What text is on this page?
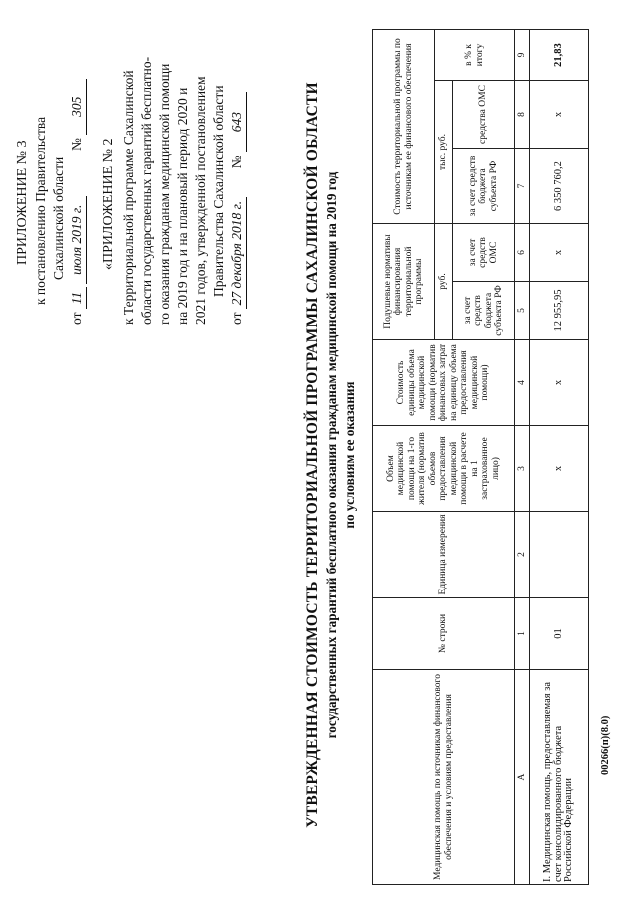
ПРИЛОЖЕНИЕ № 3 к постановлению Правительства Сахалинской области
от 11 июля 2019 г.  № 305
«ПРИЛОЖЕНИЕ № 2 к Территориальной программе Сахалинской области государственных гарантий бесплатно- го оказания гражданам медицинской помощи на 2019 год и на плановый период 2020 и 2021 годов, утвержденной постановлением Правительства Сахалинской области
от 27 декабря 2018 г.  № 643	УТВЕРЖДЕННАЯ СТОИМОСТЬ ТЕРРИТОРИАЛЬНОЙ ПРОГРАММЫ САХАЛИНСКОЙ ОБЛАСТИ государственных гарантий бесплатного оказания гражданам медицинской помощи на 2019 год по условиям ее оказания
Медицинская помощь по источникам финансового обеспечения и условиям предоставления	№ строки	Единица измерения	Объем медицинской помощи на 1-го жителя (норматив объемов предоставления медицинской помощи в расчете на 1 застрахованное лицо)	Стоимость единицы объема медицинской помощи (норматив финансовых затрат на единицу объема предоставления медицинской помощи)	Подушевые нормативы финансирования территориальной программы		Стоимость территориальной программы по источникам ее финансового обеспечения		
					руб.		тыс. руб.		в % к итогу
					за счет средств бюджета субъекта РФ	за счет средств ОМС	за счет средств бюджета субъекта РФ	средства ОМС	
А	1	2	3	4	5	6	7	8	9
I. Медицинская помощь, предоставляемая за счет консолидированного бюджета Российской Федерации	01		х	х	12 955,95	х	6 350 760,2	х	21,83
00266(п)(8.0)
